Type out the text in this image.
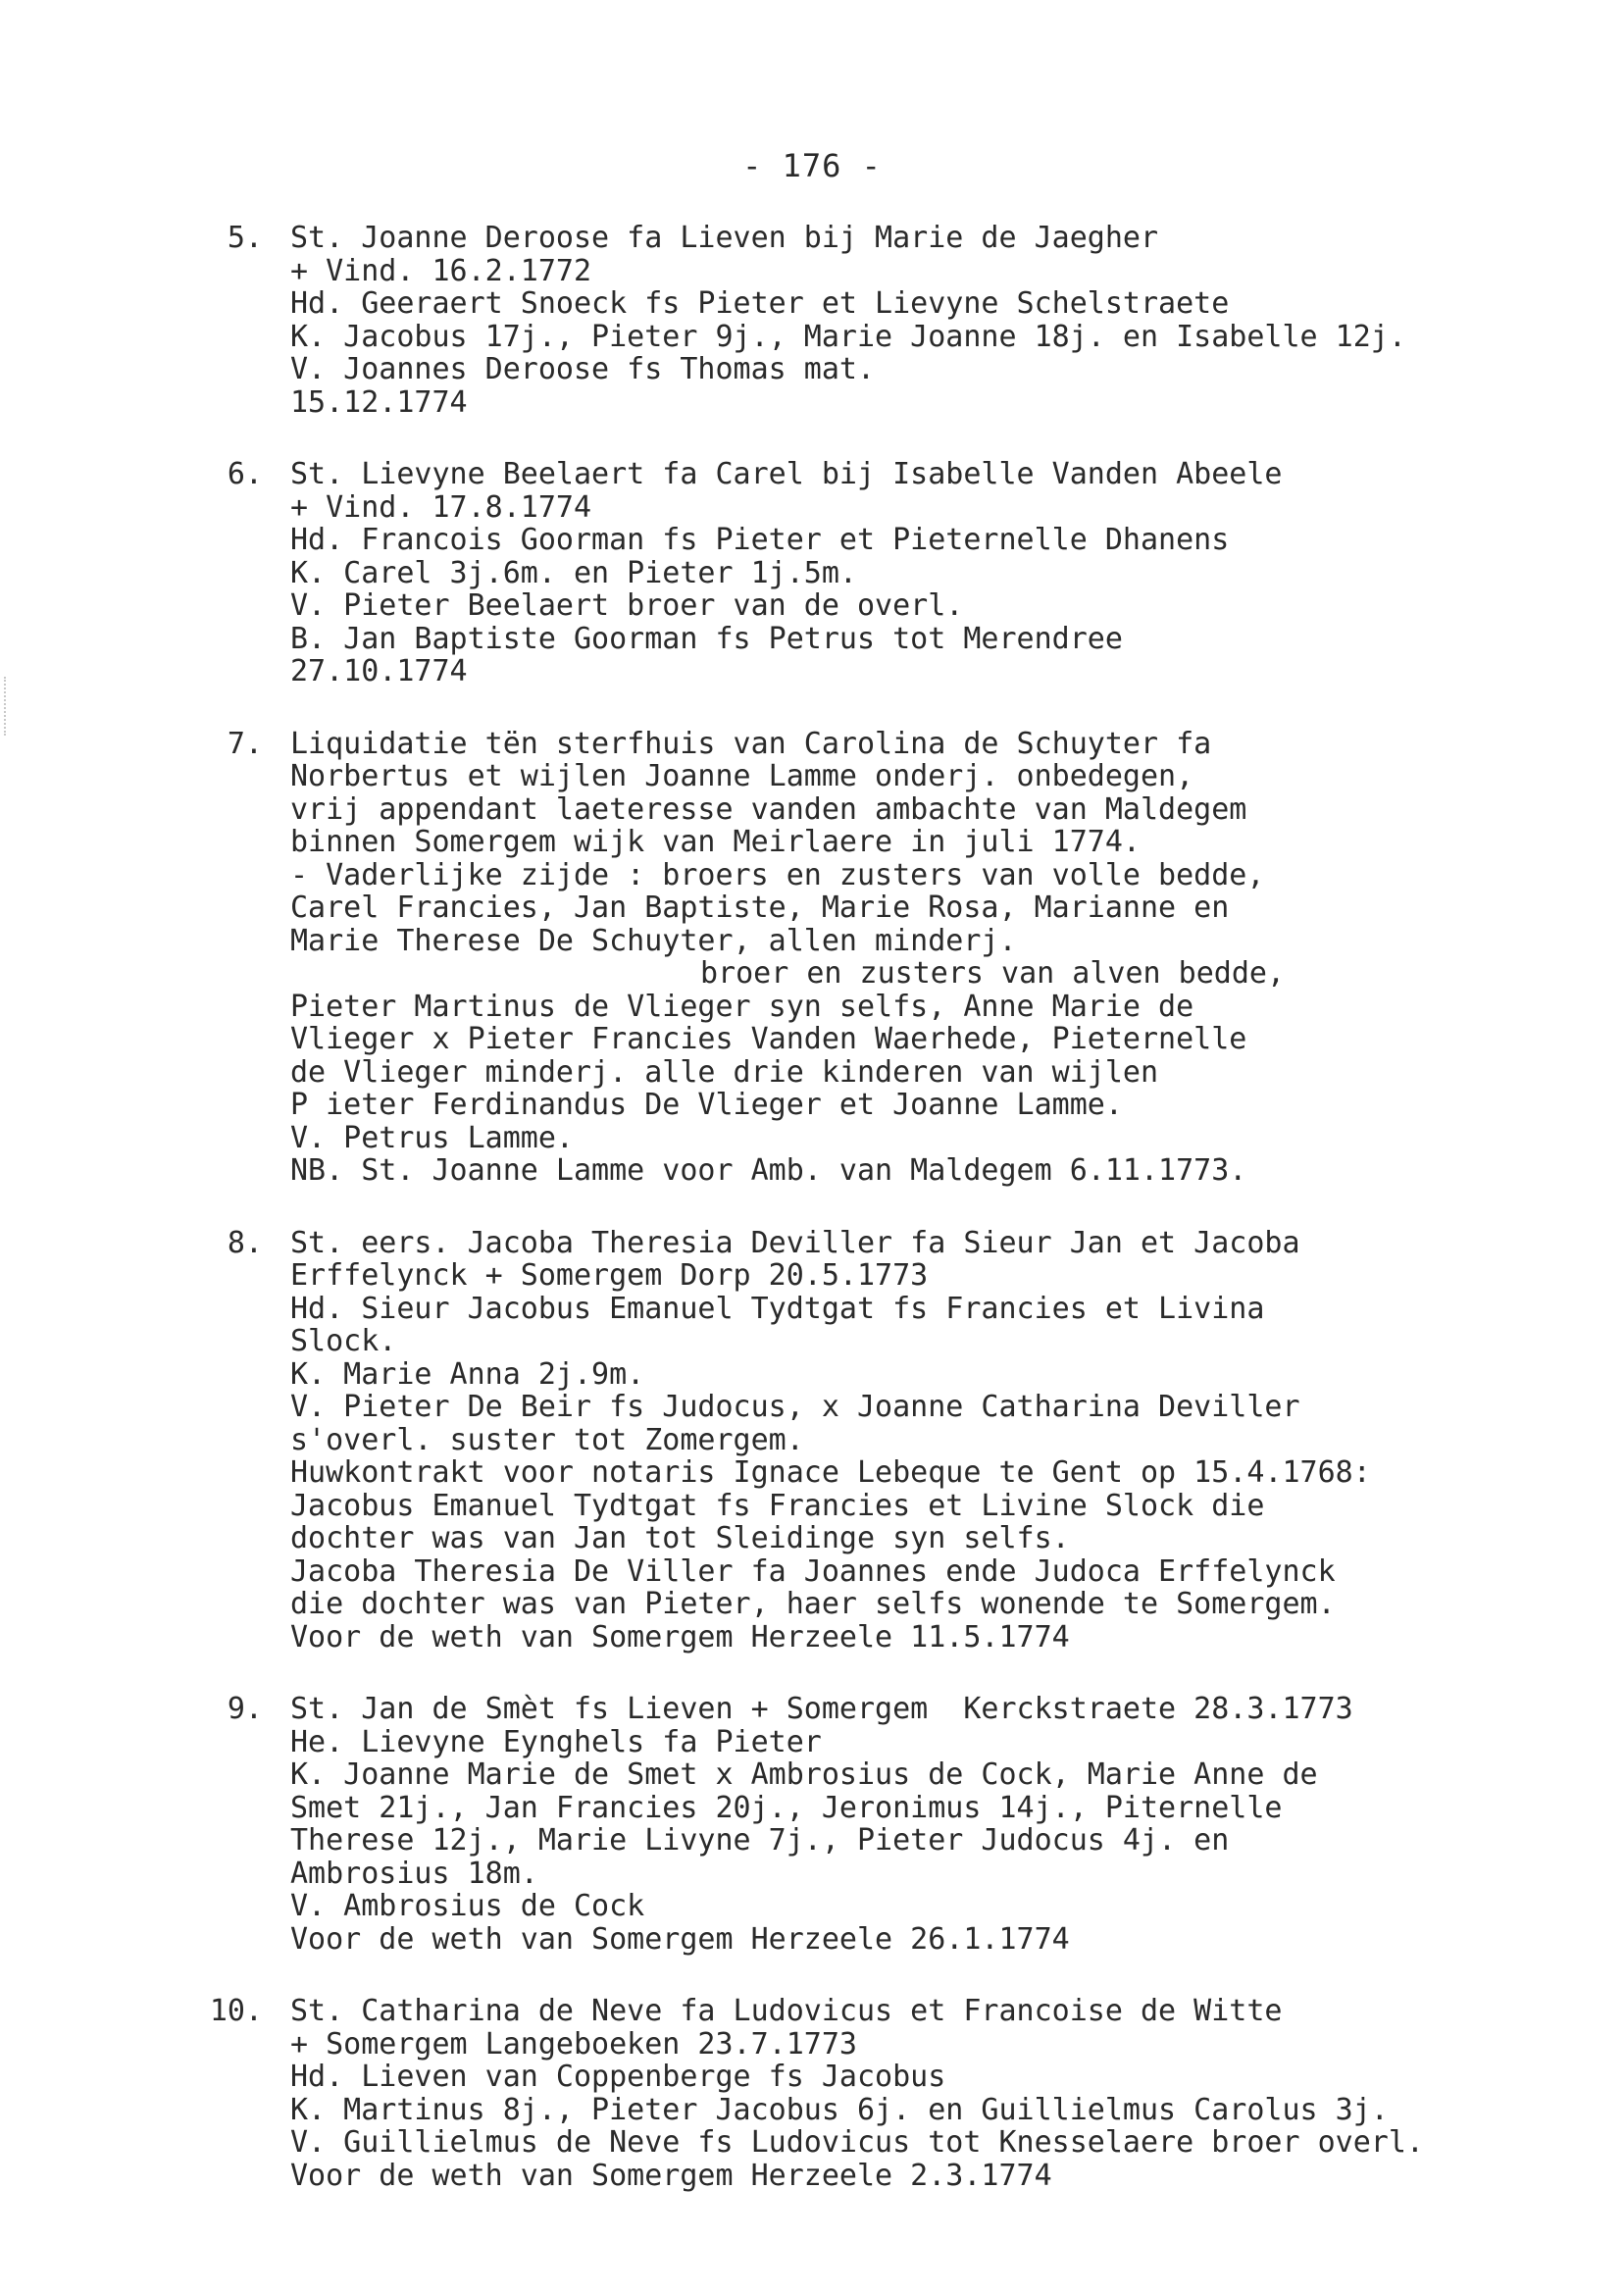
- 176 -
5. St. Joanne Deroose fa Lieven bij Marie de Jaegher
+ Vind. 16.2.1772
Hd. Geeraert Snoeck fs Pieter et Lievyne Schelstraete
K. Jacobus 17j., Pieter 9j., Marie Joanne 18j. en Isabelle 12j.
V. Joannes Deroose fs Thomas mat.
15.12.1774
6. St. Lievyne Beelaert fa Carel bij Isabelle Vanden Abeele
+ Vind. 17.8.1774
Hd. Francois Goorman fs Pieter et Pieternelle Dhanens
K. Carel 3j.6m. en Pieter 1j.5m.
V. Pieter Beelaert broer van de overl.
B. Jan Baptiste Goorman fs Petrus tot Merendree
27.10.1774
7. Liquidatie tën sterfhuis van Carolina de Schuyter fa
Norbertus et wijlen Joanne Lamme onderj. onbedegen,
vrij appendant laeteresse vanden ambachte van Maldegem
binnen Somergem wijk van Meirlaere in juli 1774.
- Vaderlijke zijde : broers en zusters van volle bedde,
Carel Francies, Jan Baptiste, Marie Rosa, Marianne en
Marie Therese De Schuyter, allen minderj.
broer en zusters van alven bedde,
Pieter Martinus de Vlieger syn selfs, Anne Marie de
Vlieger x Pieter Francies Vanden Waerhede, Pieternelle
de Vlieger minderj. alle drie kinderen van wijlen
P ieter Ferdinandus De Vlieger et Joanne Lamme.
V. Petrus Lamme.
NB. St. Joanne Lamme voor Amb. van Maldegem 6.11.1773.
8. St. eers. Jacoba Theresia Deviller fa Sieur Jan et Jacoba
Erffelynck + Somergem Dorp 20.5.1773
Hd. Sieur Jacobus Emanuel Tydtgat fs Francies et Livina
Slock.
K. Marie Anna 2j.9m.
V. Pieter De Beir fs Judocus, x Joanne Catharina Deviller
s'overl. suster tot Zomergem.
Huwkontrakt voor notaris Ignace Lebeque te Gent op 15.4.1768:
Jacobus Emanuel Tydtgat fs Francies et Livine Slock die
dochter was van Jan tot Sleidinge syn selfs.
Jacoba Theresia De Viller fa Joannes ende Judoca Erffelynck
die dochter was van Pieter, haer selfs wonende te Somergem.
Voor de weth van Somergem Herzeele 11.5.1774
9. St. Jan de Smèt fs Lieven + Somergem  Kerckstraete 28.3.1773
He. Lievyne Eynghels fa Pieter
K. Joanne Marie de Smet x Ambrosius de Cock, Marie Anne de
Smet 21j., Jan Francies 20j., Jeronimus 14j., Piternelle
Therese 12j., Marie Livyne 7j., Pieter Judocus 4j. en
Ambrosius 18m.
V. Ambrosius de Cock
Voor de weth van Somergem Herzeele 26.1.1774
10. St. Catharina de Neve fa Ludovicus et Francoise de Witte
+ Somergem Langeboeken 23.7.1773
Hd. Lieven van Coppenberge fs Jacobus
K. Martinus 8j., Pieter Jacobus 6j. en Guillielmus Carolus 3j.
V. Guillielmus de Neve fs Ludovicus tot Knesselaere broer overl.
Voor de weth van Somergem Herzeele 2.3.1774
